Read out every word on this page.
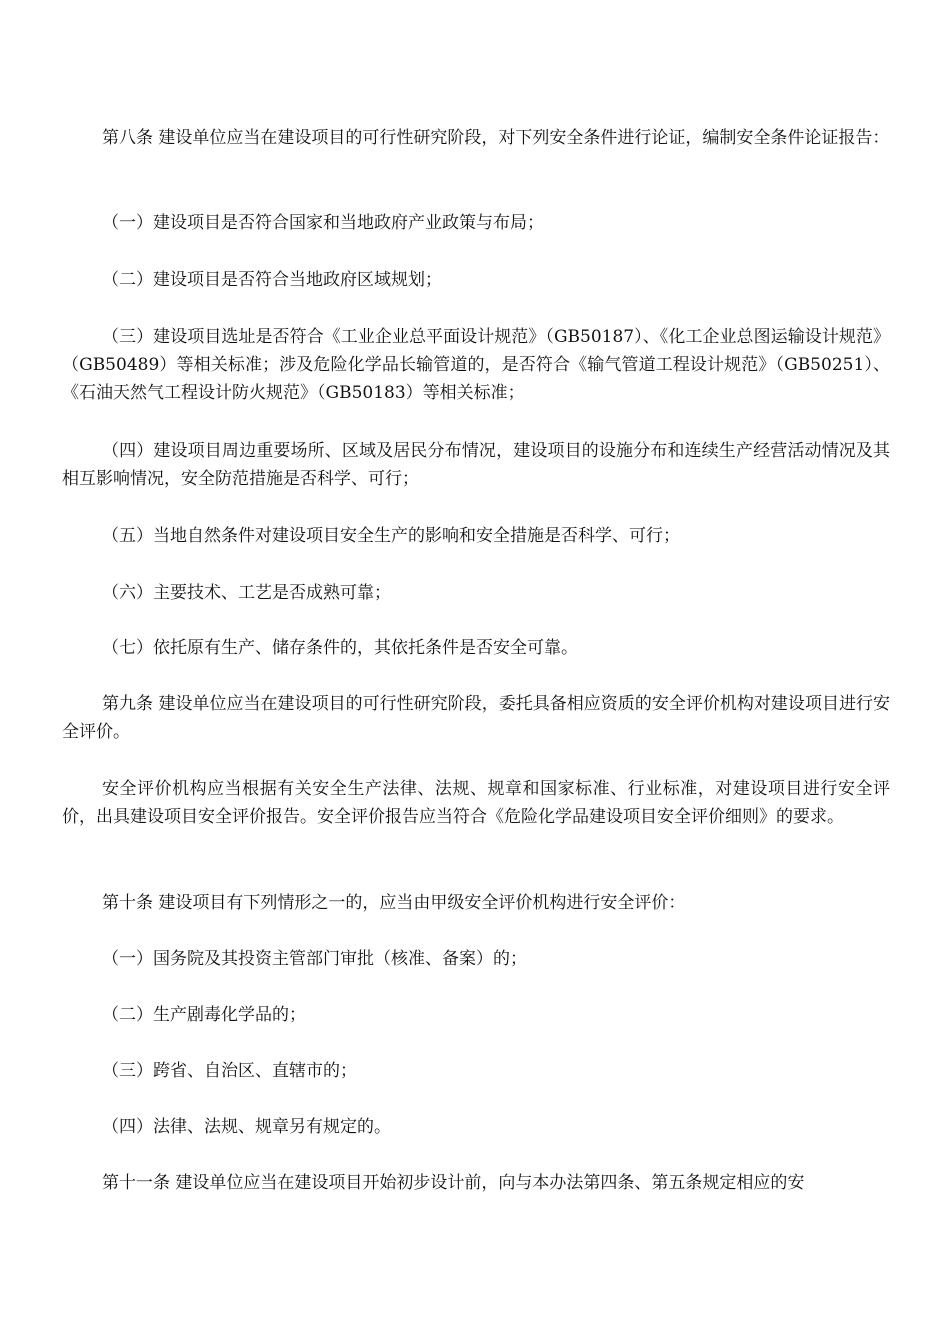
第八条 建设单位应当在建设项目的可行性研究阶段，对下列安全条件进行论证，编制安全条件论证报告：

（一）建设项目是否符合国家和当地政府产业政策与布局；

（二）建设项目是否符合当地政府区域规划；

（三）建设项目选址是否符合《工业企业总平面设计规范》（GB50187）、《化工企业总图运输设计规范》（GB50489）等相关标准；涉及危险化学品长输管道的，是否符合《输气管道工程设计规范》（GB50251）、《石油天然气工程设计防火规范》（GB50183）等相关标准；

（四）建设项目周边重要场所、区域及居民分布情况，建设项目的设施分布和连续生产经营活动情况及其相互影响情况，安全防范措施是否科学、可行；

（五）当地自然条件对建设项目安全生产的影响和安全措施是否科学、可行；

（六）主要技术、工艺是否成熟可靠；

（七）依托原有生产、储存条件的，其依托条件是否安全可靠。

第九条 建设单位应当在建设项目的可行性研究阶段，委托具备相应资质的安全评价机构对建设项目进行安全评价。

安全评价机构应当根据有关安全生产法律、法规、规章和国家标准、行业标准，对建设项目进行安全评价，出具建设项目安全评价报告。安全评价报告应当符合《危险化学品建设项目安全评价细则》的要求。

第十条 建设项目有下列情形之一的，应当由甲级安全评价机构进行安全评价：

（一）国务院及其投资主管部门审批（核准、备案）的；

（二）生产剧毒化学品的；

（三）跨省、自治区、直辖市的；

（四）法律、法规、规章另有规定的。

第十一条 建设单位应当在建设项目开始初步设计前，向与本办法第四条、第五条规定相应的安
